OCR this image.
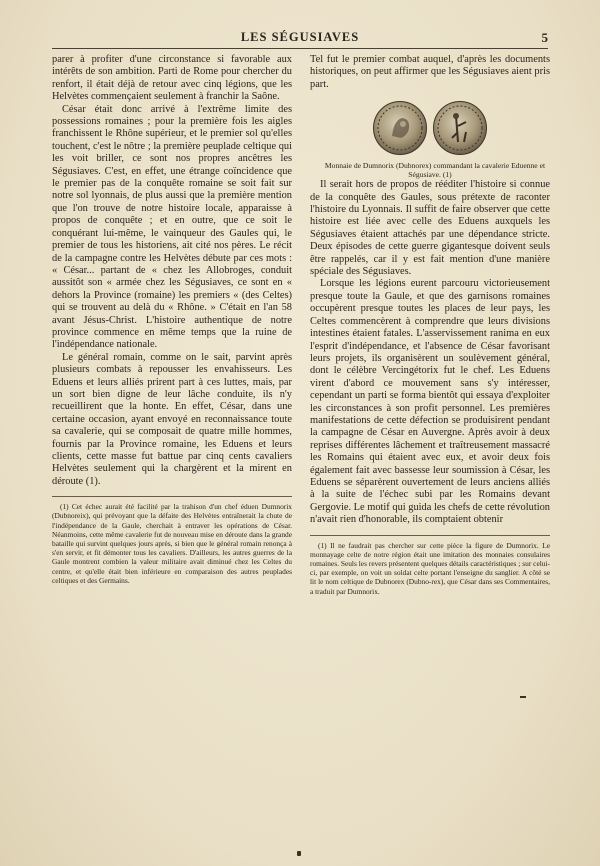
LES SÉGUSIAVES	5

parer à profiter d'une circonstance si favorable aux intérêts de son ambition. Parti de Rome pour chercher du renfort, il était déjà de retour avec cinq légions, que les Helvètes commençaient seulement à franchir la Saône.

César était donc arrivé à l'extrême limite des possessions romaines ; pour la première fois les aigles franchissent le Rhône supérieur, et le premier sol qu'elles touchent, c'est le nôtre ; la première peuplade celtique qui les voit briller, ce sont nos propres ancêtres les Ségusiaves. C'est, en effet, une étrange coïncidence que le premier pas de la conquête romaine se soit fait sur notre sol lyonnais, de plus aussi que la première mention que l'on trouve de notre histoire locale, apparaisse à propos de conquête ; et en outre, que ce soit le conquérant lui-même, le vainqueur des Gaules qui, le premier de tous les historiens, ait cité nos pères. Le récit de la campagne contre les Helvètes débute par ces mots : « César... partant de « chez les Allobroges, conduit aussitôt son « armée chez les Ségusiaves, ce sont en « dehors la Province (romaine) les premiers « (des Celtes) qui se trouvent au delà du « Rhône. » C'était en l'an 58 avant Jésus-Christ. L'histoire authentique de notre province commence en même temps que la ruine de l'indépendance nationale.

Le général romain, comme on le sait, parvint après plusieurs combats à repousser les envahisseurs. Les Eduens et leurs alliés prirent part à ces luttes, mais, par un sort bien digne de leur lâche conduite, ils n'y recueillirent que la honte. En effet, César, dans une certaine occasion, ayant envoyé en reconnaissance toute sa cavalerie, qui se composait de quatre mille hommes, fournis par la Province romaine, les Eduens et leurs clients, cette masse fut battue par cinq cents cavaliers Helvètes seulement qui la chargèrent et la mirent en déroute (1).

(1) Cet échec aurait été facilité par la trahison d'un chef éduen Dumnorix (Dubnoreix), qui prévoyant que la défaite des Helvètes entraînerait la chute de l'indépendance de la Gaule, cherchait à entraver les opérations de César. Néanmoins, cette même cavalerie fut de nouveau mise en déroute dans la grande bataille qui survint quelques jours après, si bien que le général romain renonça à s'en servir, et fit démonter tous les cavaliers. D'ailleurs, les autres guerres de la Gaule montrent combien la valeur militaire avait diminué chez les Celtes du centre, et qu'elle était bien inférieure en comparaison des autres peuplades celtiques et des Germains.

Tel fut le premier combat auquel, d'après les documents historiques, on peut affirmer que les Ségusiaves aient pris part.

Monnaie de Dumnorix (Dubnorex) commandant la cavalerie Eduenne et Ségusiave. (1)

Il serait hors de propos de rééditer l'histoire si connue de la conquête des Gaules, sous prétexte de raconter l'histoire du Lyonnais. Il suffit de faire observer que cette histoire est liée avec celle des Eduens auxquels les Ségusiaves étaient attachés par une dépendance stricte. Deux épisodes de cette guerre gigantesque doivent seuls être rappelés, car il y est fait mention d'une manière spéciale des Ségusiaves.

Lorsque les légions eurent parcouru victorieusement presque toute la Gaule, et que des garnisons romaines occupèrent presque toutes les places de leur pays, les Celtes commencèrent à comprendre que leurs divisions intestines étaient fatales. L'asservissement ranima en eux l'esprit d'indépendance, et l'absence de César favorisant leurs projets, ils organisèrent un soulèvement général, dont le célèbre Vercingétorix fut le chef. Les Eduens virent d'abord ce mouvement sans s'y intéresser, cependant un parti se forma bientôt qui essaya d'exploiter les circonstances à son profit personnel. Les premières manifestations de cette défection se produisirent pendant la campagne de César en Auvergne. Après avoir à deux reprises différentes lâchement et traîtreusement massacré les Romains qui étaient avec eux, et avoir deux fois également fait avec bassesse leur soumission à César, les Eduens se séparèrent ouvertement de leurs anciens alliés à la suite de l'échec subi par les Romains devant Gergovie. Le motif qui guida les chefs de cette révolution n'avait rien d'honorable, ils comptaient obtenir

(1) Il ne faudrait pas chercher sur cette pièce la figure de Dumnorix. Le monnayage celte de notre région était une imitation des monnaies consulaires romaines. Seuls les revers présentent quelques détails caractéristiques ; sur celui-ci, par exemple, on voit un soldat celte portant l'enseigne du sanglier. A côté se lit le nom celtique de Dubnorex (Dubno-rex), que César dans ses Commentaires, a traduit par Dumnorix.
